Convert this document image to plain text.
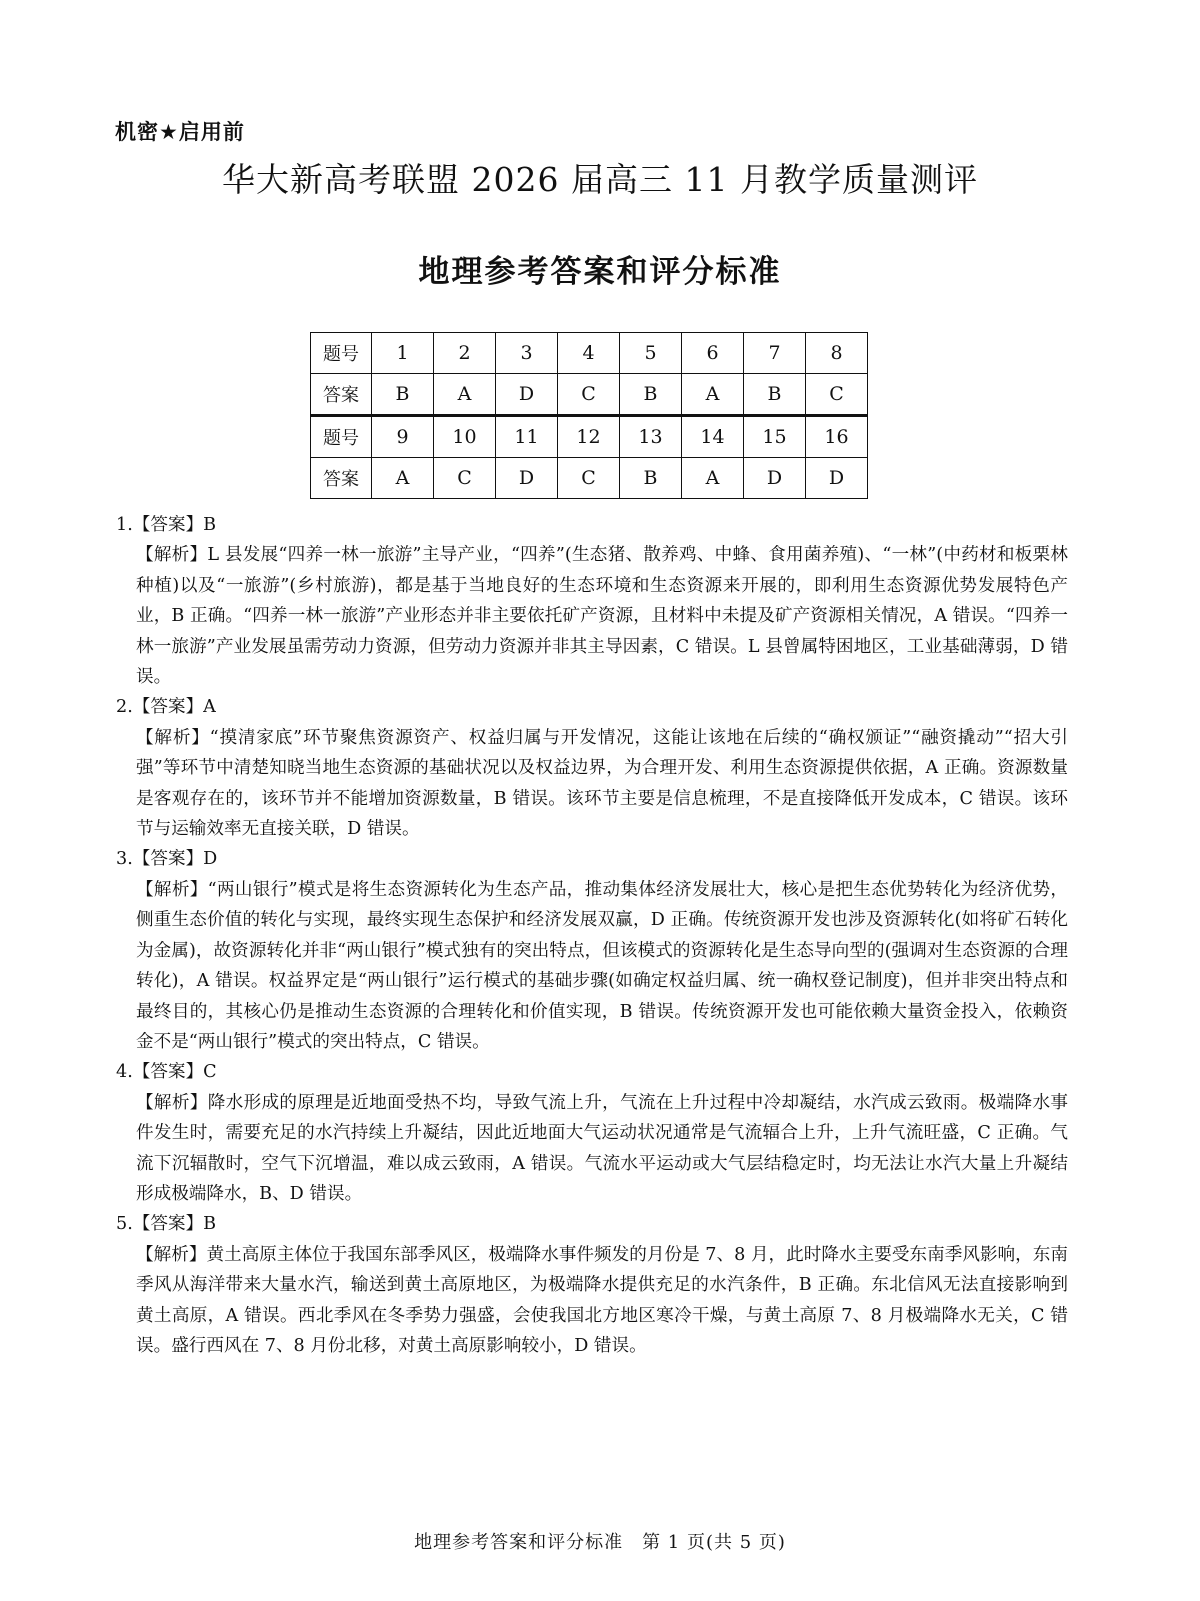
机密★启用前
华大新高考联盟 2026 届高三 11 月教学质量测评
地理参考答案和评分标准
题号	1	2	3	4	5	6	7	8
答案	B	A	D	C	B	A	B	C
题号	9	10	11	12	13	14	15	16
答案	A	C	D	C	B	A	D	D

1.【答案】B

【解析】L 县发展“四养一林一旅游”主导产业，“四养”(生态猪、散养鸡、中蜂、食用菌养殖)、“一林”(中药材和板栗林种植)以及“一旅游”(乡村旅游)，都是基于当地良好的生态环境和生态资源来开展的，即利用生态资源优势发展特色产业，B 正确。“四养一林一旅游”产业形态并非主要依托矿产资源，且材料中未提及矿产资源相关情况，A 错误。“四养一林一旅游”产业发展虽需劳动力资源，但劳动力资源并非其主导因素，C 错误。L 县曾属特困地区，工业基础薄弱，D 错误。

2.【答案】A

【解析】“摸清家底”环节聚焦资源资产、权益归属与开发情况，这能让该地在后续的“确权颁证”“融资撬动”“招大引强”等环节中清楚知晓当地生态资源的基础状况以及权益边界，为合理开发、利用生态资源提供依据，A 正确。资源数量是客观存在的，该环节并不能增加资源数量，B 错误。该环节主要是信息梳理，不是直接降低开发成本，C 错误。该环节与运输效率无直接关联，D 错误。

3.【答案】D

【解析】“两山银行”模式是将生态资源转化为生态产品，推动集体经济发展壮大，核心是把生态优势转化为经济优势，侧重生态价值的转化与实现，最终实现生态保护和经济发展双赢，D 正确。传统资源开发也涉及资源转化(如将矿石转化为金属)，故资源转化并非“两山银行”模式独有的突出特点，但该模式的资源转化是生态导向型的(强调对生态资源的合理转化)，A 错误。权益界定是“两山银行”运行模式的基础步骤(如确定权益归属、统一确权登记制度)，但并非突出特点和最终目的，其核心仍是推动生态资源的合理转化和价值实现，B 错误。传统资源开发也可能依赖大量资金投入，依赖资金不是“两山银行”模式的突出特点，C 错误。

4.【答案】C

【解析】降水形成的原理是近地面受热不均，导致气流上升，气流在上升过程中冷却凝结，水汽成云致雨。极端降水事件发生时，需要充足的水汽持续上升凝结，因此近地面大气运动状况通常是气流辐合上升，上升气流旺盛，C 正确。气流下沉辐散时，空气下沉增温，难以成云致雨，A 错误。气流水平运动或大气层结稳定时，均无法让水汽大量上升凝结形成极端降水，B、D 错误。

5.【答案】B

【解析】黄土高原主体位于我国东部季风区，极端降水事件频发的月份是 7、8 月，此时降水主要受东南季风影响，东南季风从海洋带来大量水汽，输送到黄土高原地区，为极端降水提供充足的水汽条件，B 正确。东北信风无法直接影响到黄土高原，A 错误。西北季风在冬季势力强盛，会使我国北方地区寒冷干燥，与黄土高原 7、8 月极端降水无关，C 错误。盛行西风在 7、8 月份北移，对黄土高原影响较小，D 错误。

地理参考答案和评分标准　第 1 页(共 5 页)
